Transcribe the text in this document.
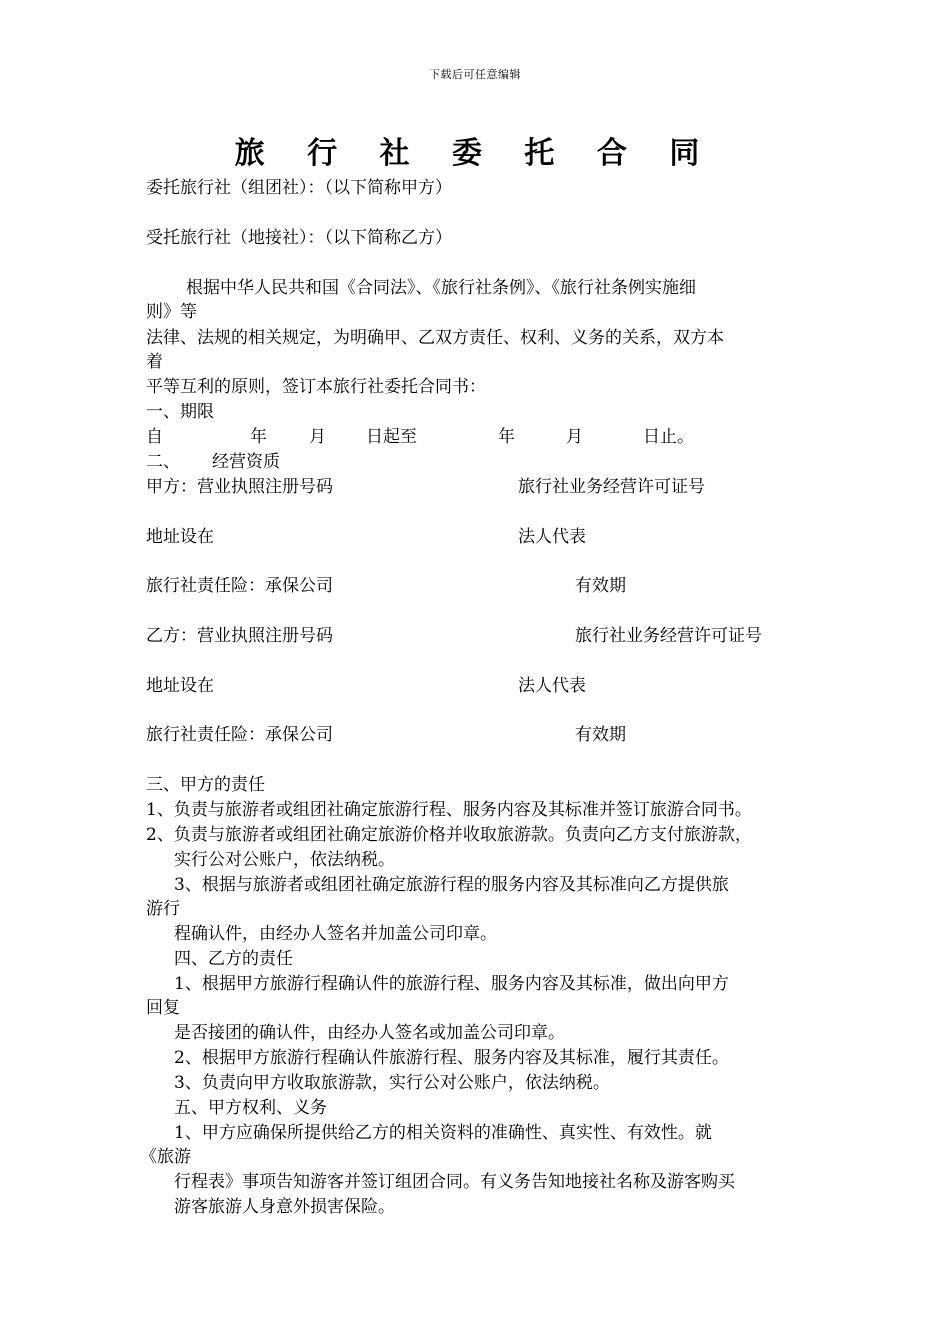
下载后可任意编辑
旅 行 社 委 托 合 同
委托旅行社（组团社）：（以下简称甲方）
受托旅行社（地接社）：（以下简称乙方）
根据中华人民共和国《合同法》、《旅行社条例》、《旅行社条例实施细
则》等
法律、法规的相关规定，为明确甲、乙双方责任、权利、义务的关系，双方本
着
平等互利的原则，签订本旅行社委托合同书：
一、期限
自	年 月 日起至	年	月	日止。
二、 经营资质
甲方：营业执照注册号码	旅行社业务经营许可证号
地址设在	法人代表
旅行社责任险：承保公司	有效期
乙方：营业执照注册号码	旅行社业务经营许可证号
地址设在	法人代表
旅行社责任险：承保公司	有效期
三、甲方的责任
1、负责与旅游者或组团社确定旅游行程、服务内容及其标准并签订旅游合同书。
2、负责与旅游者或组团社确定旅游价格并收取旅游款。负责向乙方支付旅游款，
实行公对公账户，依法纳税。
3、根据与旅游者或组团社确定旅游行程的服务内容及其标准向乙方提供旅
游行
程确认件，由经办人签名并加盖公司印章。
四、乙方的责任
1、根据甲方旅游行程确认件的旅游行程、服务内容及其标准，做出向甲方
回复
是否接团的确认件，由经办人签名或加盖公司印章。
2、根据甲方旅游行程确认件旅游行程、服务内容及其标准，履行其责任。
3、负责向甲方收取旅游款，实行公对公账户，依法纳税。
五、甲方权利、义务
1、甲方应确保所提供给乙方的相关资料的准确性、真实性、有效性。就
《旅游
行程表》事项告知游客并签订组团合同。有义务告知地接社名称及游客购买
游客旅游人身意外损害保险。
